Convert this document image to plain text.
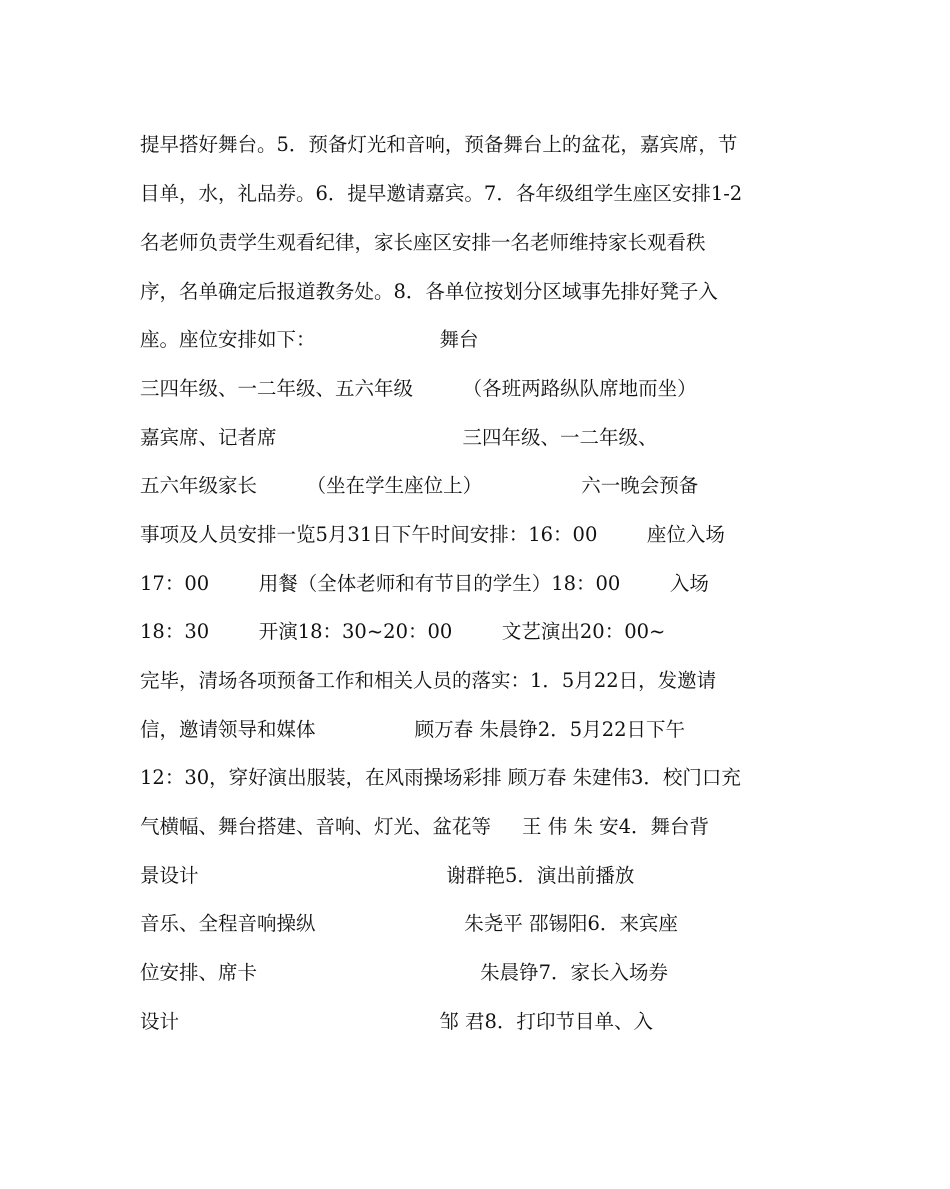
提早搭好舞台。5．预备灯光和音响，预备舞台上的盆花，嘉宾席，节
目单，水，礼品券。6．提早邀请嘉宾。7．各年级组学生座区安排1-2
名老师负责学生观看纪律，家长座区安排一名老师维持家长观看秩
序，名单确定后报道教务处。8．各单位按划分区域事先排好凳子入
座。座位安排如下：                    舞台
三四年级、一二年级、五六年级        （各班两路纵队席地而坐）
嘉宾席、记者席                              三四年级、一二年级、
五六年级家长        （坐在学生座位上）                六一晚会预备
事项及人员安排一览5月31日下午时间安排：16：00        座位入场
17：00        用餐（全体老师和有节目的学生）18：00        入场
18：30        开演18：30~20：00        文艺演出20：00~
完毕，清场各项预备工作和相关人员的落实：1．5月22日，发邀请
信，邀请领导和媒体                顾万春 朱晨铮2．5月22日下午
12：30，穿好演出服装，在风雨操场彩排 顾万春 朱建伟3．校门口充
气横幅、舞台搭建、音响、灯光、盆花等     王 伟 朱 安4．舞台背
景设计                                        谢群艳5．演出前播放
音乐、全程音响操纵                        朱尧平 邵锡阳6．来宾座
位安排、席卡                                    朱晨铮7．家长入场券
设计                                          邹 君8．打印节目单、入
